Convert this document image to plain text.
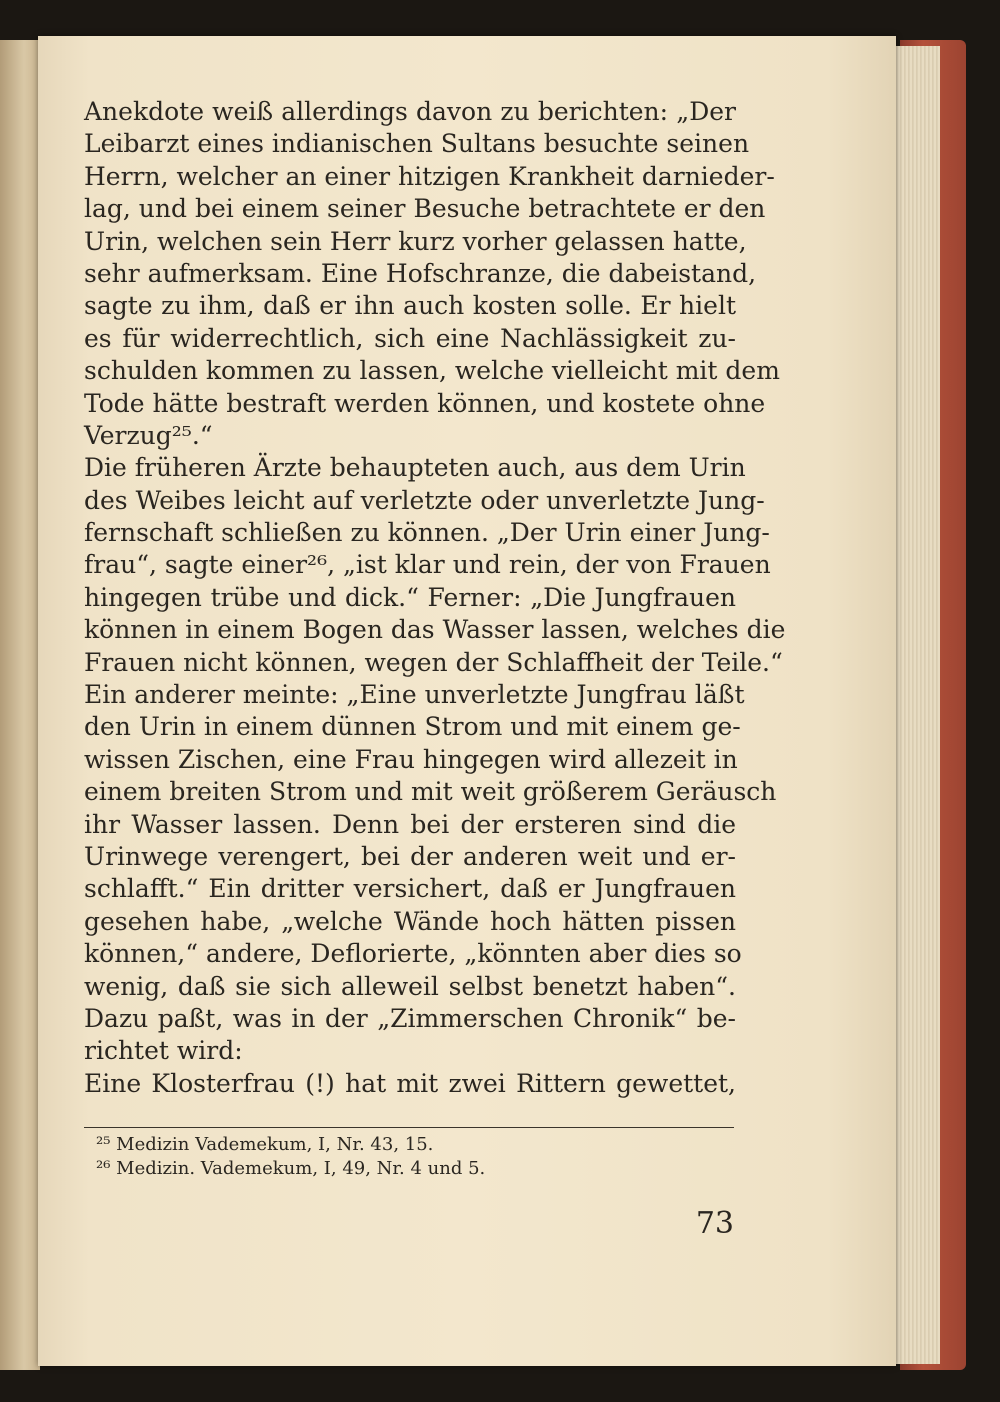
Anekdote weiß allerdings davon zu berichten: „Der
Leibarzt eines indianischen Sultans besuchte seinen
Herrn, welcher an einer hitzigen Krankheit darnieder-
lag, und bei einem seiner Besuche betrachtete er den
Urin, welchen sein Herr kurz vorher gelassen hatte,
sehr aufmerksam. Eine Hofschranze, die dabeistand,
sagte zu ihm, daß er ihn auch kosten solle. Er hielt
es für widerrechtlich, sich eine Nachlässigkeit zu-
schulden kommen zu lassen, welche vielleicht mit dem
Tode hätte bestraft werden können, und kostete ohne
Verzug²⁵.“
Die früheren Ärzte behaupteten auch, aus dem Urin
des Weibes leicht auf verletzte oder unverletzte Jung-
fernschaft schließen zu können. „Der Urin einer Jung-
frau“, sagte einer²⁶, „ist klar und rein, der von Frauen
hingegen trübe und dick.“ Ferner: „Die Jungfrauen
können in einem Bogen das Wasser lassen, welches die
Frauen nicht können, wegen der Schlaffheit der Teile.“
Ein anderer meinte: „Eine unverletzte Jungfrau läßt
den Urin in einem dünnen Strom und mit einem ge-
wissen Zischen, eine Frau hingegen wird allezeit in
einem breiten Strom und mit weit größerem Geräusch
ihr Wasser lassen. Denn bei der ersteren sind die
Urinwege verengert, bei der anderen weit und er-
schlafft.“ Ein dritter versichert, daß er Jungfrauen
gesehen habe, „welche Wände hoch hätten pissen
können,“ andere, Deflorierte, „könnten aber dies so
wenig, daß sie sich alleweil selbst benetzt haben“.
Dazu paßt, was in der „Zimmerschen Chronik“ be-
richtet wird:
Eine Klosterfrau (!) hat mit zwei Rittern gewettet,
²⁵ Medizin Vademekum, I, Nr. 43, 15.
²⁶ Medizin. Vademekum, I, 49, Nr. 4 und 5.
73
